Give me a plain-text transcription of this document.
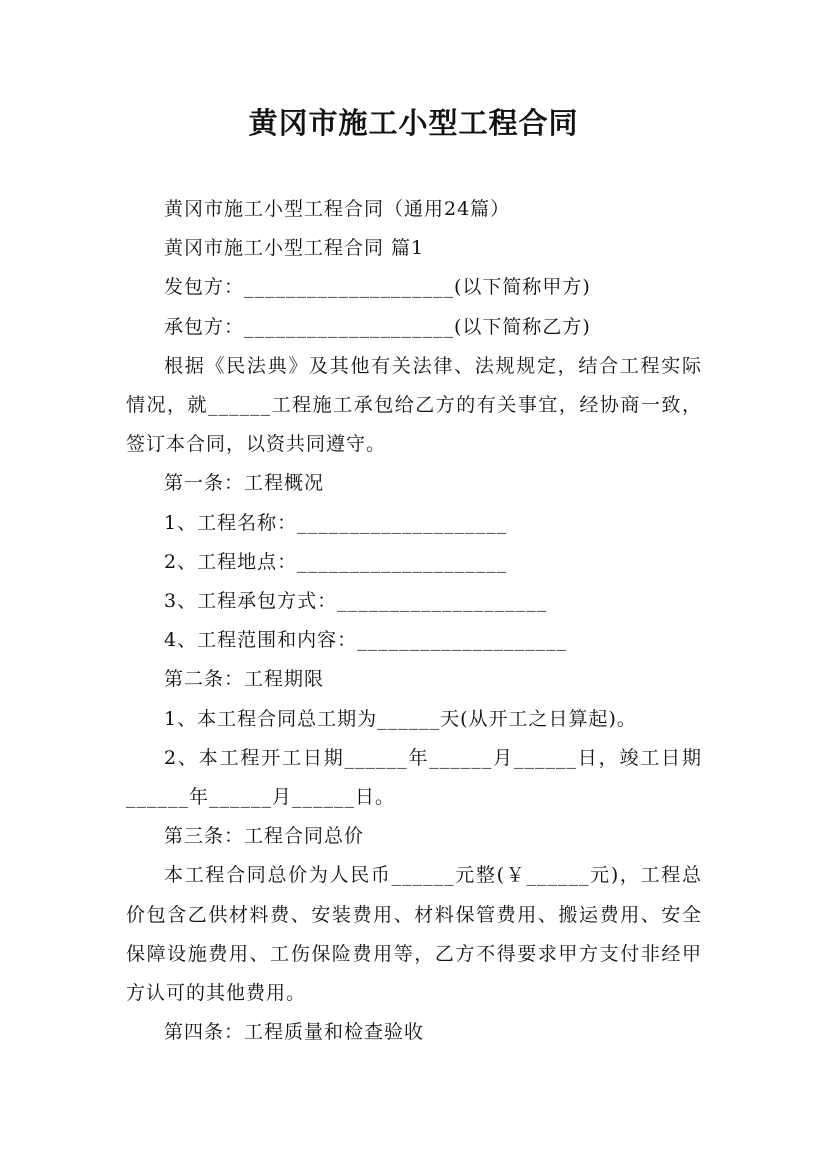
黄冈市施工小型工程合同

黄冈市施工小型工程合同（通用24篇）

黄冈市施工小型工程合同 篇1

发包方：____________________(以下简称甲方)

承包方：____________________(以下简称乙方)

根据《民法典》及其他有关法律、法规规定，结合工程实际情况，就______工程施工承包给乙方的有关事宜，经协商一致，签订本合同，以资共同遵守。

第一条：工程概况

1、工程名称：____________________

2、工程地点：____________________

3、工程承包方式：____________________

4、工程范围和内容：____________________

第二条：工程期限

1、本工程合同总工期为______天(从开工之日算起)。

2、本工程开工日期______年______月______日，竣工日期______年______月______日。

第三条：工程合同总价

本工程合同总价为人民币______元整(￥______元)，工程总价包含乙供材料费、安装费用、材料保管费用、搬运费用、安全保障设施费用、工伤保险费用等，乙方不得要求甲方支付非经甲方认可的其他费用。

第四条：工程质量和检查验收
